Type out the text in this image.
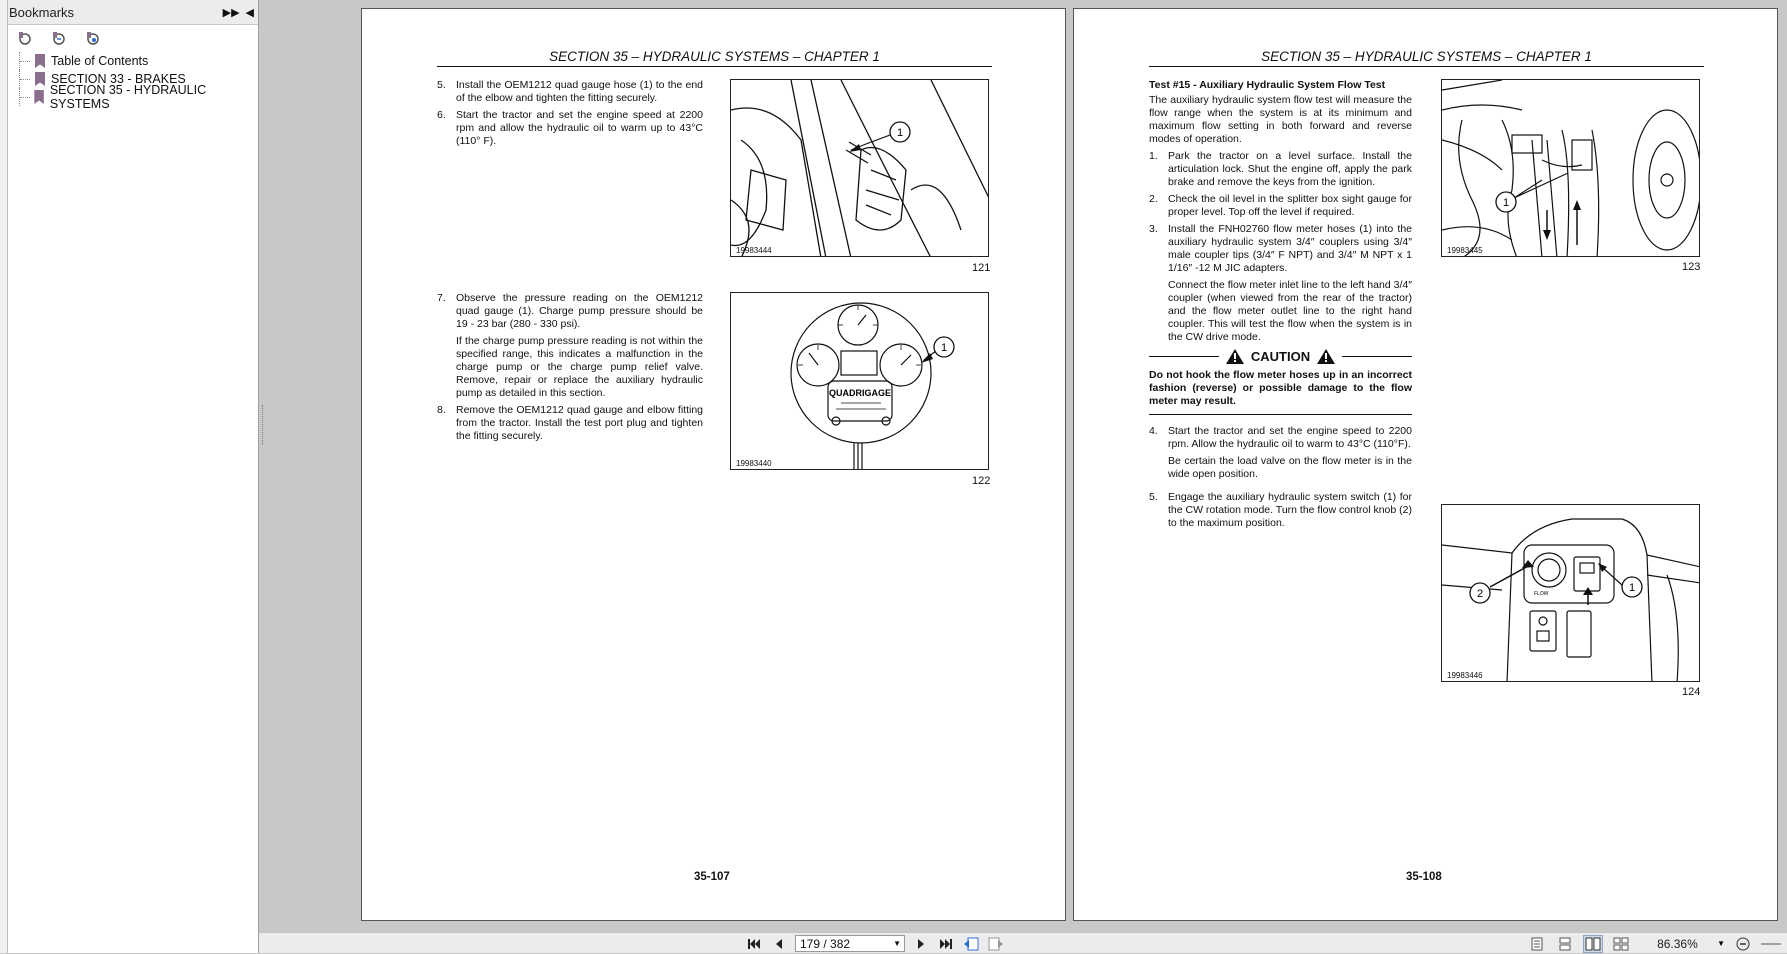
Bookmarks	▶▶ ◀
Table of Contents
SECTION 33 - BRAKES
SECTION 35 - HYDRAULIC SYSTEMS
SECTION 35 – HYDRAULIC SYSTEMS – CHAPTER 1
5. Install the OEM1212 quad gauge hose (1) to the end of the elbow and tighten the fitting securely.
6. Start the tractor and set the engine speed at 2200 rpm and allow the hydraulic oil to warm up to 43°C (110° F).
1
19983444
121
7. Observe the pressure reading on the OEM1212 quad gauge (1). Charge pump pressure should be 19 - 23 bar (280 - 330 psi).
If the charge pump pressure reading is not within the specified range, this indicates a malfunction in the charge pump or the charge pump relief valve. Remove, repair or replace the auxiliary hydraulic pump as detailed in this section.
8. Remove the OEM1212 quad gauge and elbow fitting from the tractor. Install the test port plug and tighten the fitting securely.
QUADRIGAGE
1
19983440
122
35-107
SECTION 35 – HYDRAULIC SYSTEMS – CHAPTER 1
Test #15 - Auxiliary Hydraulic System Flow Test
The auxiliary hydraulic system flow test will measure the flow range when the system is at its minimum and maximum flow setting in both forward and reverse modes of operation.
1. Park the tractor on a level surface. Install the articulation lock. Shut the engine off, apply the park brake and remove the keys from the ignition.
2. Check the oil level in the splitter box sight gauge for proper level. Top off the level if required.
3. Install the FNH02760 flow meter hoses (1) into the auxiliary hydraulic system 3/4″ couplers using 3/4″ male coupler tips (3/4″ F NPT) and 3/4″ M NPT x 1 1/16″ -12 M JIC adapters.
Connect the flow meter inlet line to the left hand 3/4″ coupler (when viewed from the rear of the tractor) and the flow meter outlet line to the right hand coupler. This will test the flow when the system is in the CW drive mode.
CAUTION
Do not hook the flow meter hoses up in an incorrect fashion (reverse) or possible damage to the flow meter may result.
4. Start the tractor and set the engine speed to 2200 rpm. Allow the hydraulic oil to warm to 43°C (110°F).
Be certain the load valve on the flow meter is in the wide open position.
5. Engage the auxiliary hydraulic system switch (1) for the CW rotation mode. Turn the flow control knob (2) to the maximum position.
1
19983445
123
FLOW
2	1
19983446
124
35-108
179 / 382	▼	86.36%	▼
